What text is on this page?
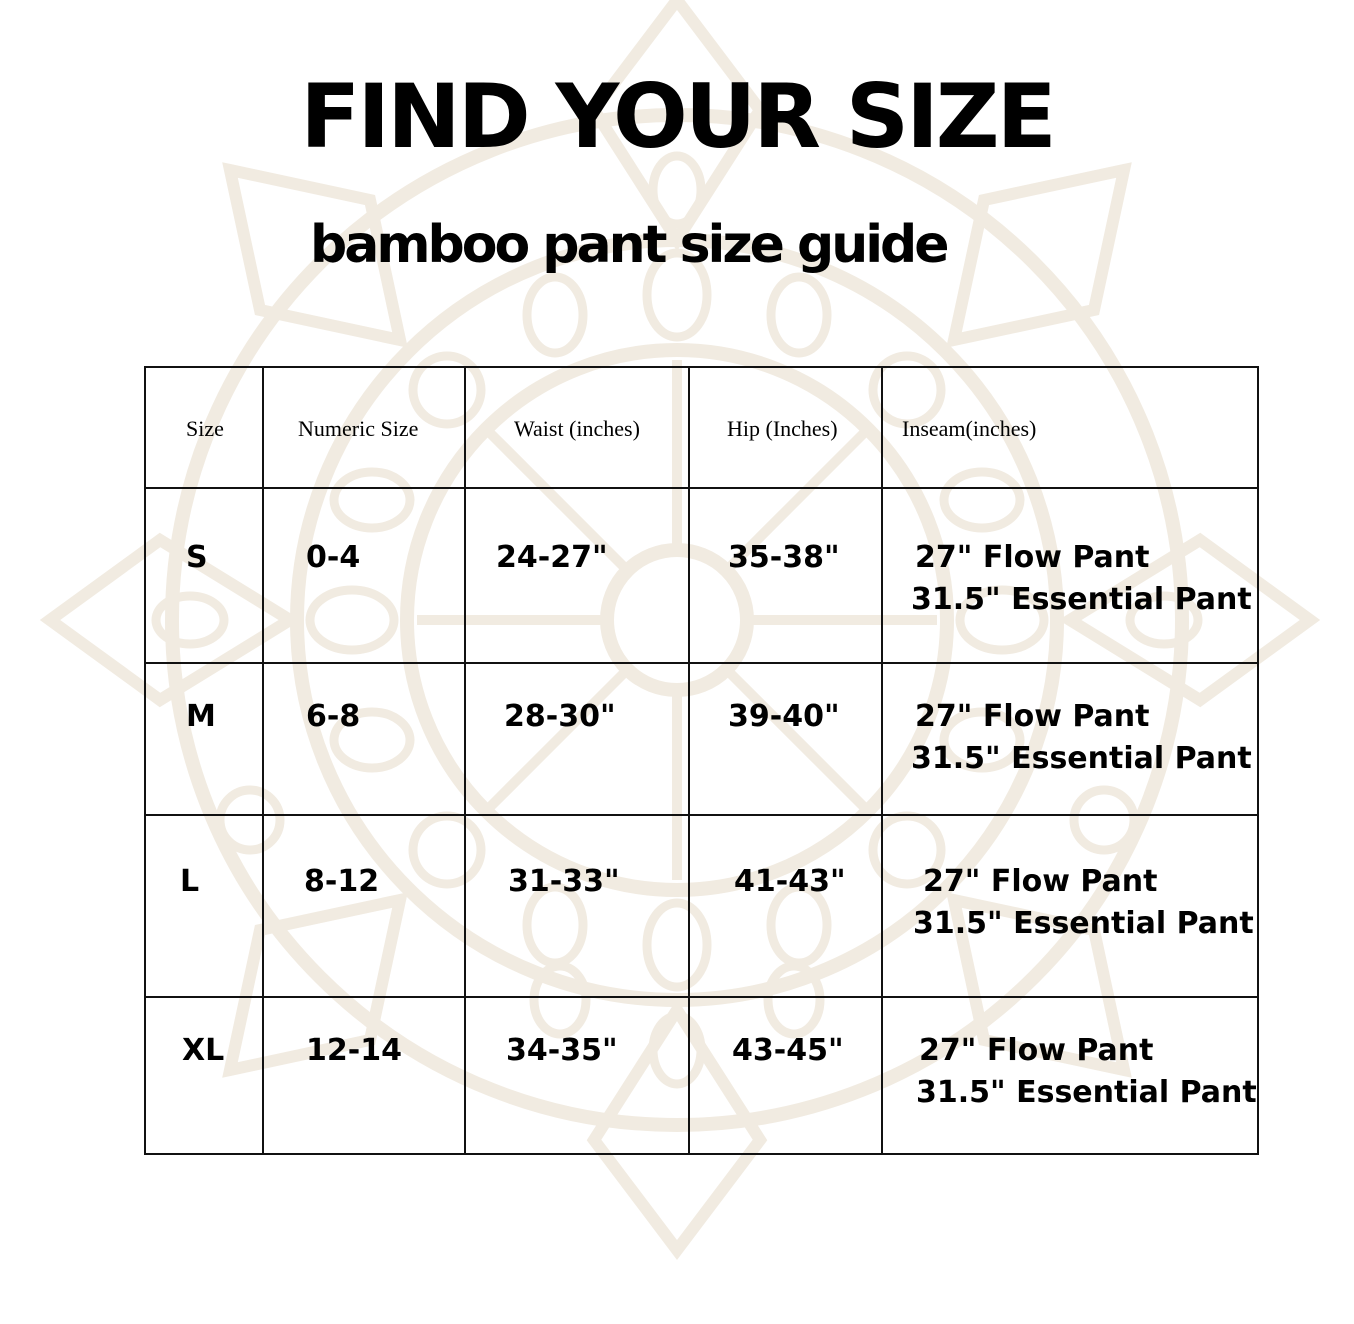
FIND YOUR SIZE
bamboo pant size guide
Size	Numeric Size	Waist (inches)	Hip (Inches)	Inseam(inches)

S	0-4	24-27"	35-38"	27" Flow Pant
31.5" Essential Pant

M	6-8	28-30"	39-40"	27" Flow Pant
31.5" Essential Pant

L	8-12	31-33"	41-43"	27" Flow Pant
31.5" Essential Pant

XL	12-14	34-35"	43-45"	27" Flow Pant
31.5" Essential Pant
